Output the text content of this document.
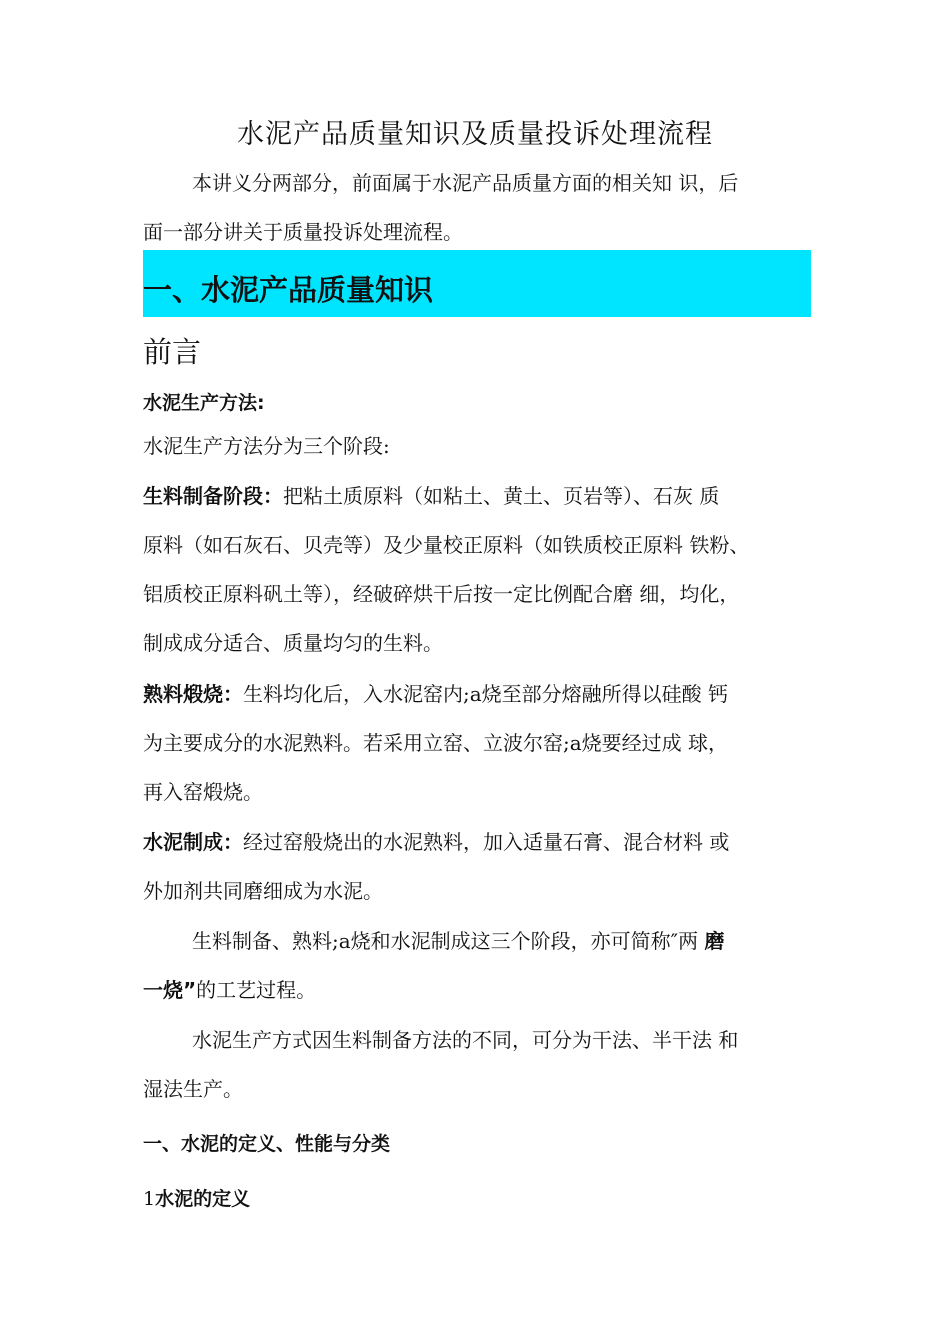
水泥产品质量知识及质量投诉处理流程

本讲义分两部分，前面属于水泥产品质量方面的相关知 识，后

面一部分讲关于质量投诉处理流程。

一、水泥产品质量知识
前言

水泥生产方法:

水泥生产方法分为三个阶段:

生料制备阶段：把粘土质原料（如粘土、黄土、页岩等）、石灰 质

原料（如石灰石、贝壳等）及少量校正原料（如铁质校正原料 铁粉、

铝质校正原料矾土等），经破碎烘干后按一定比例配合磨 细，均化，

制成成分适合、质量均匀的生料。

熟料煅烧：生料均化后，入水泥窑内;a烧至部分熔融所得以硅酸 钙

为主要成分的水泥熟料。若采用立窑、立波尔窑;a烧要经过成 球，

再入窑煅烧。

水泥制成：经过窑般烧出的水泥熟料，加入适量石膏、混合材料 或

外加剂共同磨细成为水泥。

生料制备、熟料;a烧和水泥制成这三个阶段，亦可简称″两 磨

一烧”的工艺过程。

水泥生产方式因生料制备方法的不同，可分为干法、半干法 和

湿法生产。

一、水泥的定义、性能与分类

1水泥的定义
